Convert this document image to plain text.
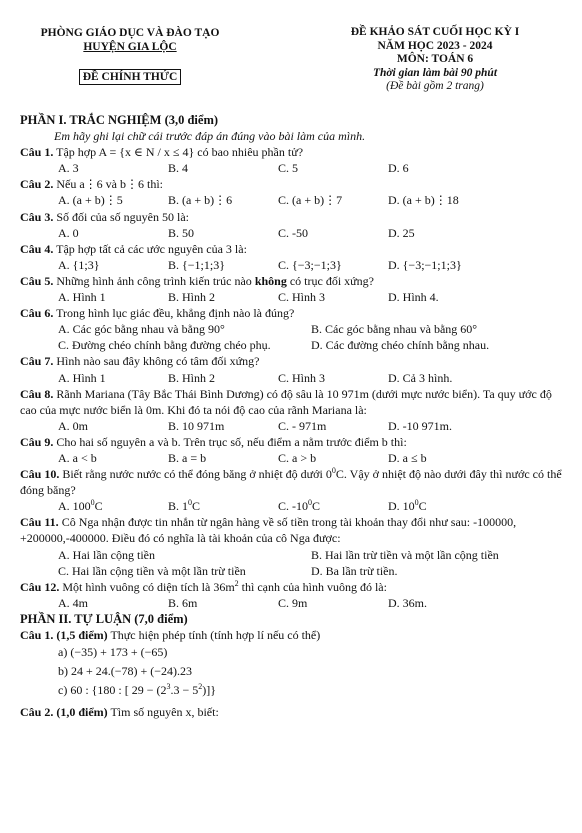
PHÒNG GIÁO DỤC VÀ ĐÀO TẠO
HUYỆN GIA LỘC
ĐỀ CHÍNH THỨC
ĐỀ KHẢO SÁT CUỐI HỌC KỲ I
NĂM HỌC 2023 - 2024
MÔN: TOÁN 6
Thời gian làm bài 90 phút
(Đề bài gồm 2 trang)
PHẦN I. TRẮC NGHIỆM (3,0 điểm)
Em hãy ghi lại chữ cái trước đáp án đúng vào bài làm của mình.
Câu 1. Tập hợp A = {x ∈ N / x ≤ 4} có bao nhiêu phần tử?
A. 3	B. 4	C. 5	D. 6
Câu 2. Nếu a⋮6 và b⋮6 thì:
A. (a + b)⋮5	B. (a + b)⋮6	C. (a + b)⋮7	D. (a + b)⋮18
Câu 3. Số đối của số nguyên 50 là:
A. 0	B. 50	C. -50	D. 25
Câu 4. Tập hợp tất cả các ước nguyên của 3 là:
A. {1;3}	B. {−1;1;3}	C. {−3;−1;3}	D. {−3;−1;1;3}
Câu 5. Những hình ảnh công trình kiến trúc nào không có trục đối xứng?
A. Hình 1	B. Hình 2	C. Hình 3	D. Hình 4.
Câu 6. Trong hình lục giác đều, khẳng định nào là đúng?
A. Các góc bằng nhau và bằng 90°	B. Các góc bằng nhau và bằng 60°
C. Đường chéo chính bằng đường chéo phụ.	D. Các đường chéo chính bằng nhau.
Câu 7. Hình nào sau đây không có tâm đối xứng?
A. Hình 1	B. Hình 2	C. Hình 3	D. Cả 3 hình.
Câu 8. Rãnh Mariana (Tây Bắc Thái Bình Dương) có độ sâu là 10 971m (dưới mực nước biển). Ta quy ước độ cao của mực nước biển là 0m. Khi đó ta nói độ cao của rãnh Mariana là:
A. 0m	B. 10 971m	C. - 971m	D. -10 971m.
Câu 9. Cho hai số nguyên a và b. Trên trục số, nếu điểm a nằm trước điểm b thì:
A. a < b	B. a = b	C. a > b	D. a ≤ b
Câu 10. Biết rằng nước nước có thể đóng băng ở nhiệt độ dưới $0^0C$. Vậy ở nhiệt độ nào dưới đây thì nước có thể đóng băng?
A. $100^0C$	B. $1^0C$	C. $-10^0C$	D. $10^0C$
Câu 11. Cô Nga nhận được tin nhắn từ ngân hàng về số tiền trong tài khoản thay đổi như sau: -100000, +200000,-400000. Điều đó có nghĩa là tài khoản của cô Nga được:
A. Hai lần cộng tiền	B. Hai lần trừ tiền và một lần cộng tiền
C. Hai lần cộng tiền và một lần trừ tiền	D. Ba lần trừ tiền.
Câu 12. Một hình vuông có diện tích là $36m^2$ thì cạnh của hình vuông đó là:
A. 4m	B. 6m	C. 9m	D. 36m.
PHẦN II. TỰ LUẬN (7,0 điểm)
Câu 1. (1,5 điểm) Thực hiện phép tính (tính hợp lí nếu có thể)
a) (−35) + 173 + (−65)
b) 24 + 24.(−78) + (−24).23
c) 60 : {180 : [ $29 - (2^3.3 - 5^2)$]}
Câu 2. (1,0 điểm) Tìm số nguyên x, biết:
